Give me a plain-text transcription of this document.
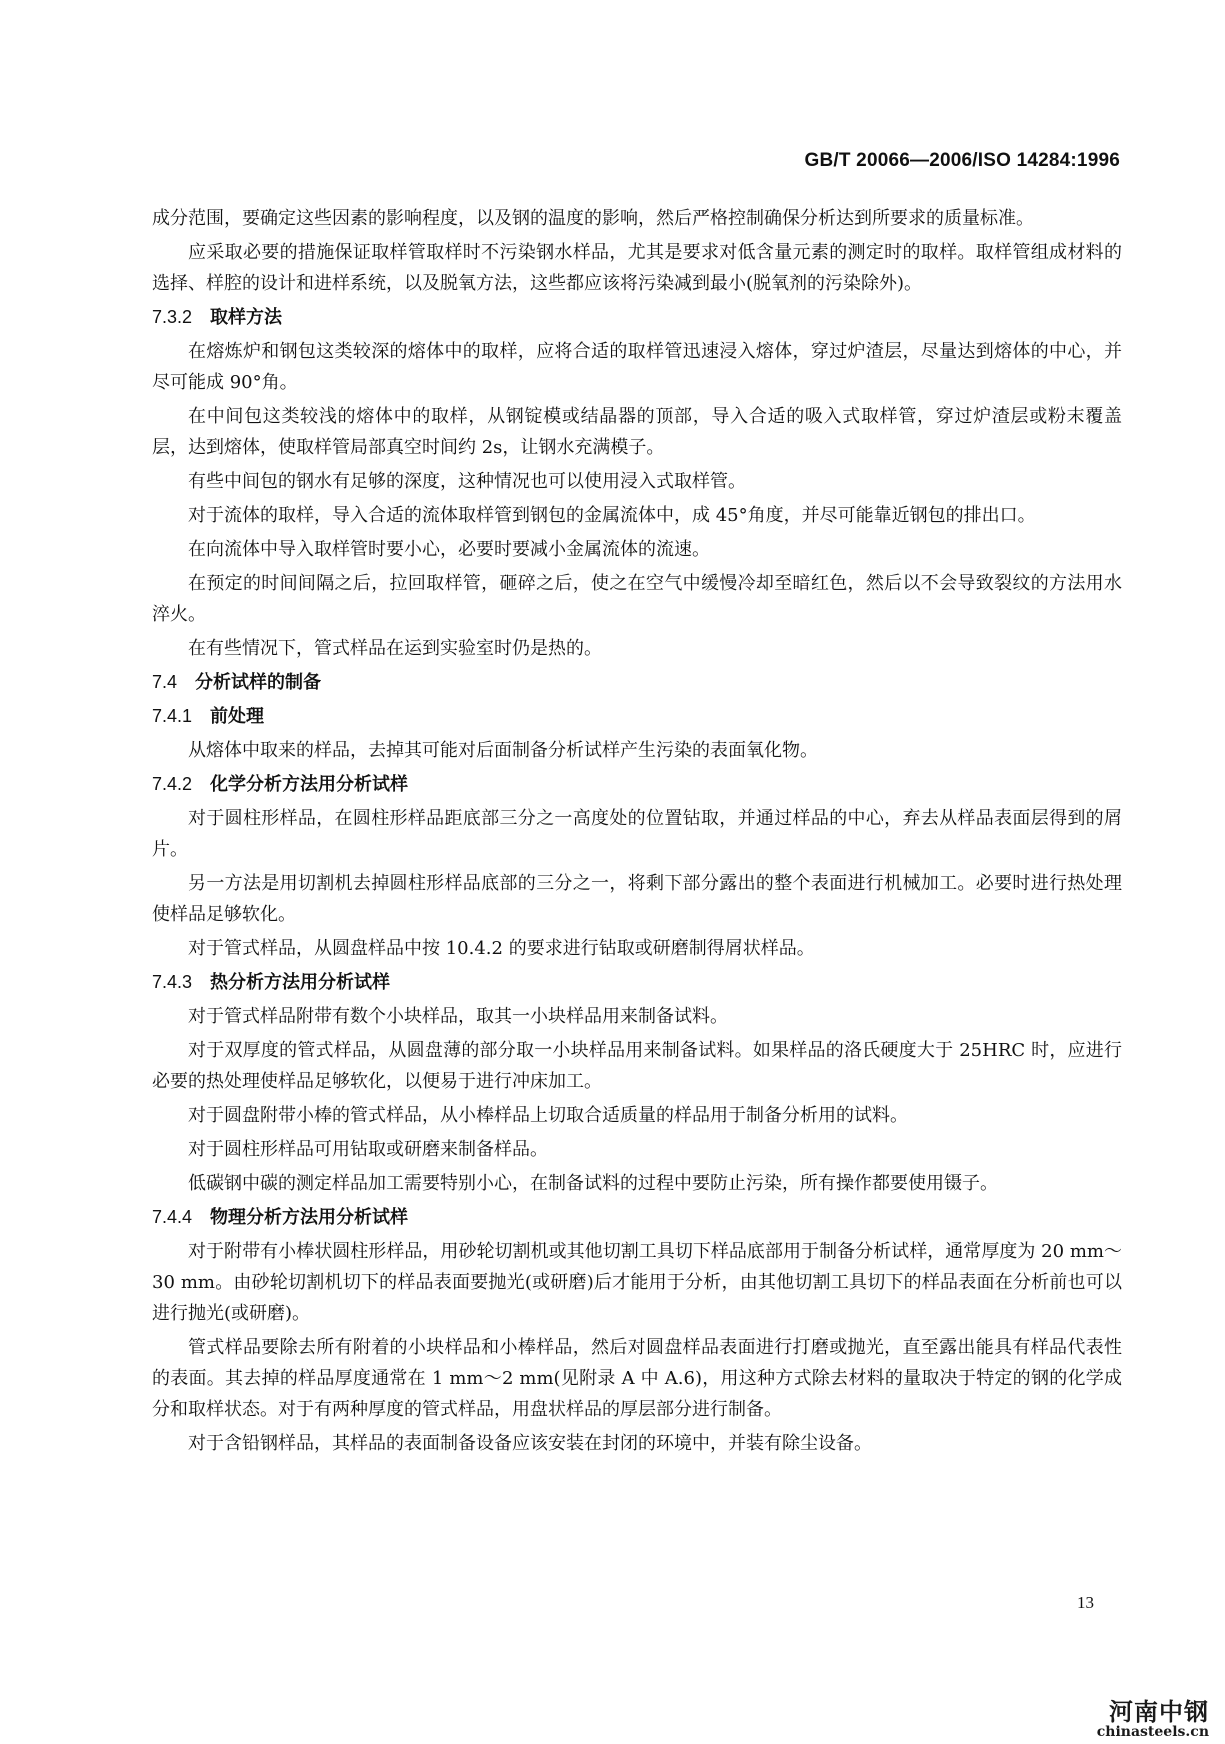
GB/T 20066—2006/ISO 14284:1996
成分范围，要确定这些因素的影响程度，以及钢的温度的影响，然后严格控制确保分析达到所要求的质量标准。
应采取必要的措施保证取样管取样时不污染钢水样品，尤其是要求对低含量元素的测定时的取样。取样管组成材料的选择、样腔的设计和进样系统，以及脱氧方法，这些都应该将污染减到最小(脱氧剂的污染除外)。
7.3.2 取样方法
在熔炼炉和钢包这类较深的熔体中的取样，应将合适的取样管迅速浸入熔体，穿过炉渣层，尽量达到熔体的中心，并尽可能成 90°角。
在中间包这类较浅的熔体中的取样，从钢锭模或结晶器的顶部，导入合适的吸入式取样管，穿过炉渣层或粉末覆盖层，达到熔体，使取样管局部真空时间约 2s，让钢水充满模子。
有些中间包的钢水有足够的深度，这种情况也可以使用浸入式取样管。
对于流体的取样，导入合适的流体取样管到钢包的金属流体中，成 45°角度，并尽可能靠近钢包的排出口。
在向流体中导入取样管时要小心，必要时要减小金属流体的流速。
在预定的时间间隔之后，拉回取样管，砸碎之后，使之在空气中缓慢冷却至暗红色，然后以不会导致裂纹的方法用水淬火。
在有些情况下，管式样品在运到实验室时仍是热的。
7.4 分析试样的制备
7.4.1 前处理
从熔体中取来的样品，去掉其可能对后面制备分析试样产生污染的表面氧化物。
7.4.2 化学分析方法用分析试样
对于圆柱形样品，在圆柱形样品距底部三分之一高度处的位置钻取，并通过样品的中心，弃去从样品表面层得到的屑片。
另一方法是用切割机去掉圆柱形样品底部的三分之一，将剩下部分露出的整个表面进行机械加工。必要时进行热处理使样品足够软化。
对于管式样品，从圆盘样品中按 10.4.2 的要求进行钻取或研磨制得屑状样品。
7.4.3 热分析方法用分析试样
对于管式样品附带有数个小块样品，取其一小块样品用来制备试料。
对于双厚度的管式样品，从圆盘薄的部分取一小块样品用来制备试料。如果样品的洛氏硬度大于 25HRC 时，应进行必要的热处理使样品足够软化，以便易于进行冲床加工。
对于圆盘附带小棒的管式样品，从小棒样品上切取合适质量的样品用于制备分析用的试料。
对于圆柱形样品可用钻取或研磨来制备样品。
低碳钢中碳的测定样品加工需要特别小心，在制备试料的过程中要防止污染，所有操作都要使用镊子。
7.4.4 物理分析方法用分析试样
对于附带有小棒状圆柱形样品，用砂轮切割机或其他切割工具切下样品底部用于制备分析试样，通常厚度为 20 mm～30 mm。由砂轮切割机切下的样品表面要抛光(或研磨)后才能用于分析，由其他切割工具切下的样品表面在分析前也可以进行抛光(或研磨)。
管式样品要除去所有附着的小块样品和小棒样品，然后对圆盘样品表面进行打磨或抛光，直至露出能具有样品代表性的表面。其去掉的样品厚度通常在 1 mm～2 mm(见附录 A 中 A.6)，用这种方式除去材料的量取决于特定的钢的化学成分和取样状态。对于有两种厚度的管式样品，用盘状样品的厚层部分进行制备。
对于含铅钢样品，其样品的表面制备设备应该安装在封闭的环境中，并装有除尘设备。
13
河南中钢
chinasteels.cn
